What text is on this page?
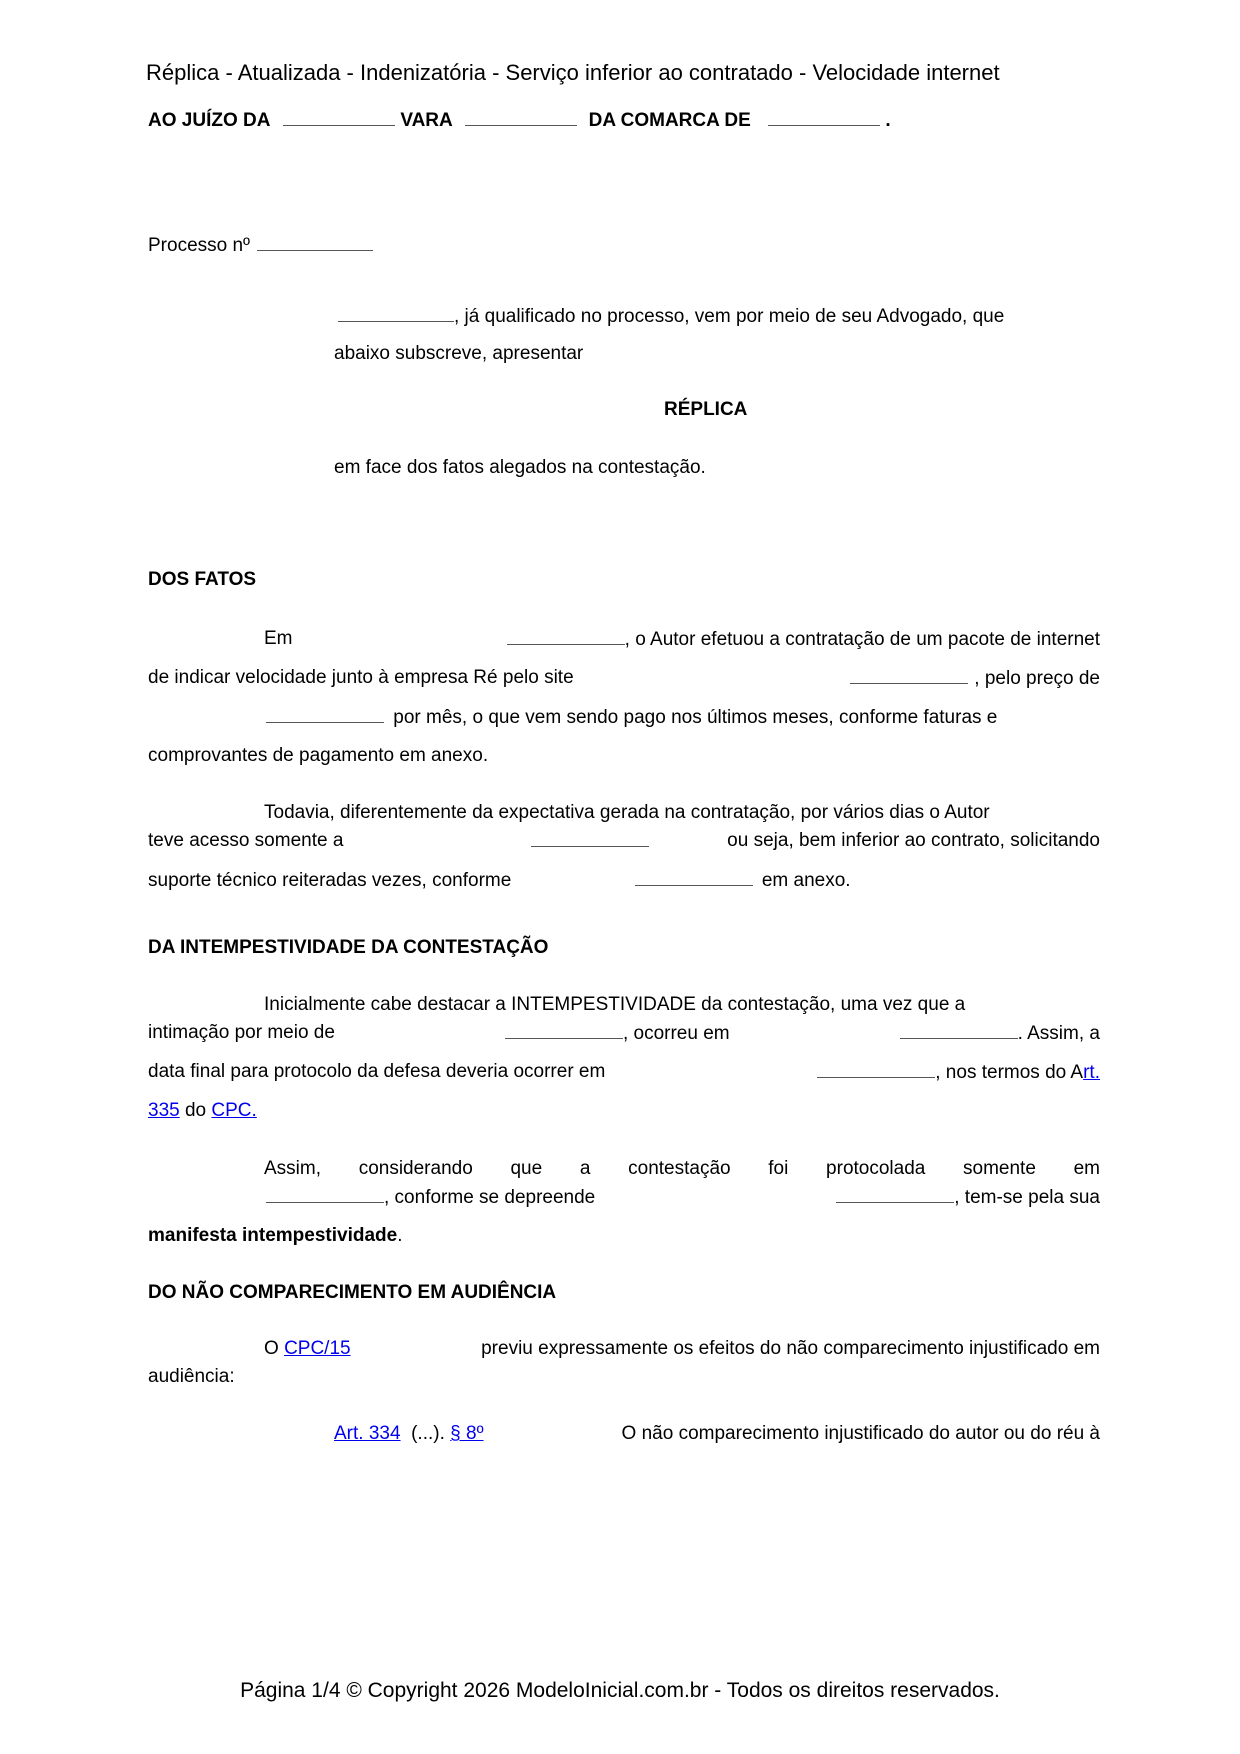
Réplica - Atualizada - Indenizatória - Serviço inferior ao contratado - Velocidade internet
AO JUÍZO DA	VARA	DA COMARCA DE	.
Processo nº
, já qualificado no processo, vem por meio de seu Advogado, que
abaixo subscreve, apresentar
RÉPLICA
em face dos fatos alegados na contestação.
DOS FATOS
Em	, o Autor efetuou a contratação de um pacote de internet
de indicar velocidade junto à empresa Ré pelo site	, pelo preço de
por mês, o que vem sendo pago nos últimos meses, conforme faturas e
comprovantes de pagamento em anexo.
Todavia, diferentemente da expectativa gerada na contratação, por vários dias o Autor
teve acesso somente a	ou seja, bem inferior ao contrato, solicitando
suporte técnico reiteradas vezes, conforme	em anexo.
DA INTEMPESTIVIDADE DA CONTESTAÇÃO
Inicialmente cabe destacar a INTEMPESTIVIDADE da contestação, uma vez que a
intimação por meio de	, ocorreu em	. Assim, a
data final para protocolo da defesa deveria ocorrer em	, nos termos do Art.
335 do CPC.
Assim, considerando que a contestação foi protocolada somente em
, conforme se depreende	, tem-se pela sua
manifesta intempestividade.
DO NÃO COMPARECIMENTO EM AUDIÊNCIA
O CPC/15	previu expressamente os efeitos do não comparecimento injustificado em
audiência:
Art. 334 (...). § 8º	O não comparecimento injustificado do autor ou do réu à
Página 1/4 © Copyright 2026 ModeloInicial.com.br - Todos os direitos reservados.
